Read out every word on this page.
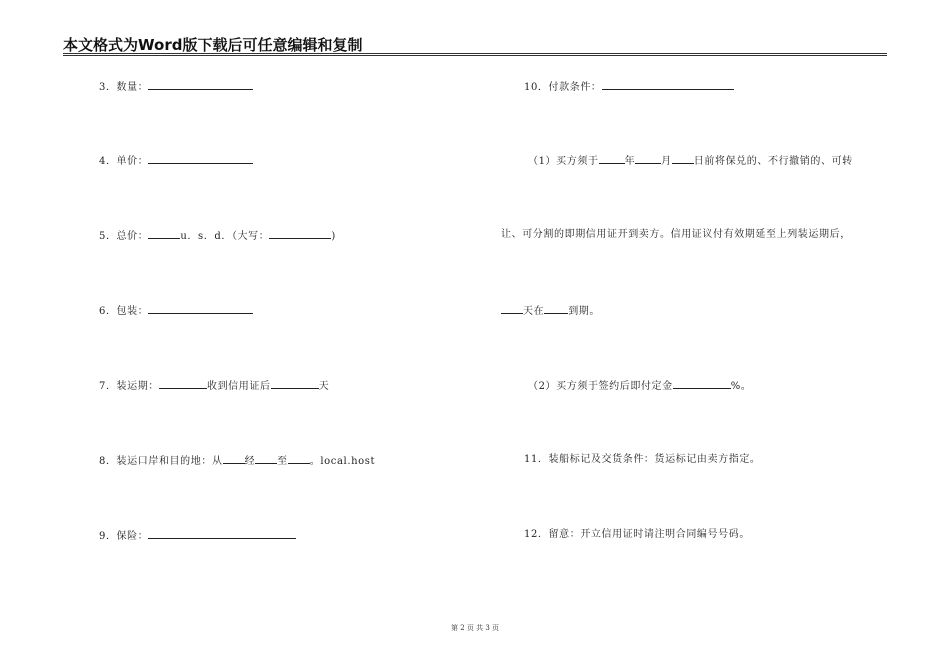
本文格式为Word版下载后可任意编辑和复制
3．数量：
4．单价：
5．总价：	u．s．d．（大写：	)
6．包装：
7．装运期：	收到信用证后	天
8．装运口岸和目的地：从 经 至 。local.host
9．保险：
10．付款条件：
（1）买方须于	年	月 日前将保兑的、不行撤销的、可转
让、可分割的即期信用证开到卖方。信用证议付有效期延至上列装运期后，
天在 到期。
（2）买方须于签约后即付定金	%。
11．装船标记及交货条件：货运标记由卖方指定。
12．留意：开立信用证时请注明合同编号号码。
第 2 页 共 3 页
